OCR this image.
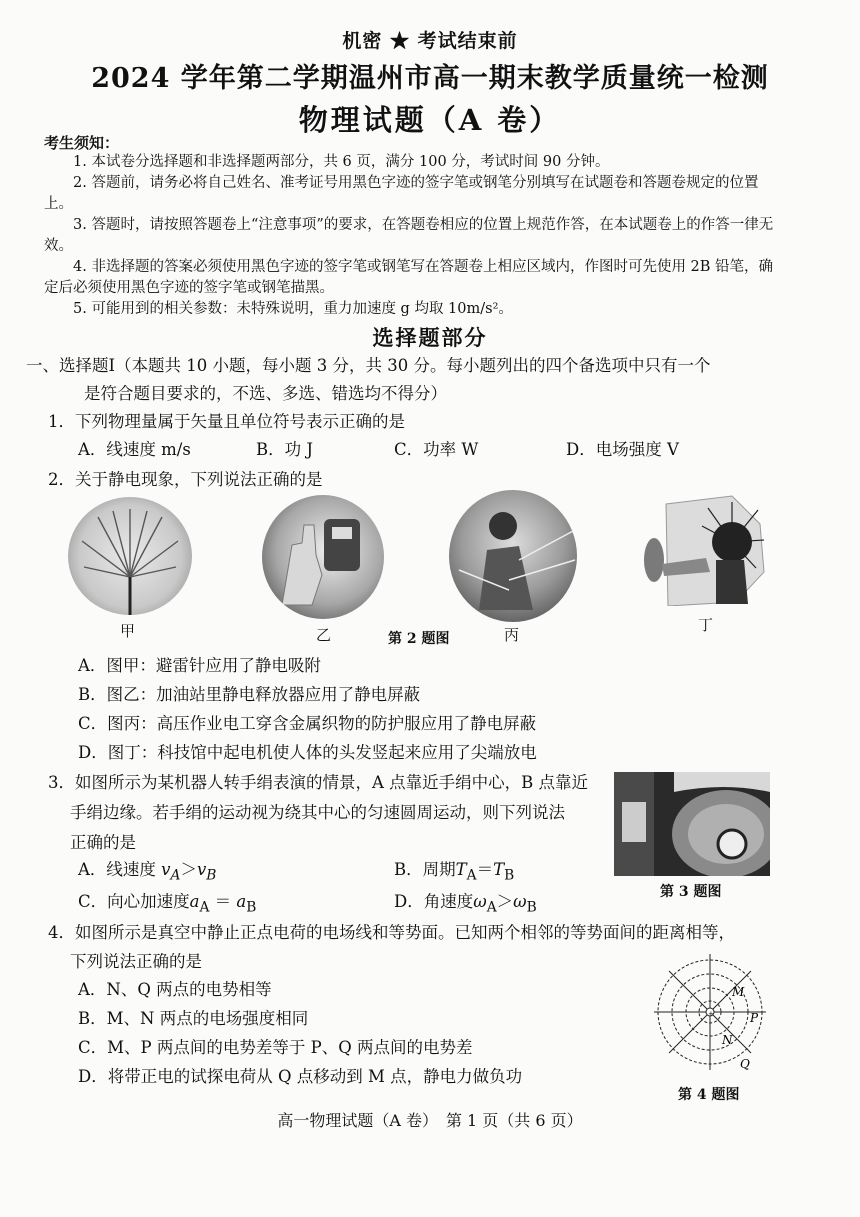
机密 ★ 考试结束前
2024 学年第二学期温州市高一期末教学质量统一检测
物理试题（A 卷）
考生须知：

1. 本试卷分选择题和非选择题两部分，共 6 页，满分 100 分，考试时间 90 分钟。

2. 答题前，请务必将自己姓名、准考证号用黑色字迹的签字笔或钢笔分别填写在试题卷和答题卷规定的位置上。

3. 答题时，请按照答题卷上“注意事项”的要求，在答题卷相应的位置上规范作答，在本试题卷上的作答一律无效。

4. 非选择题的答案必须使用黑色字迹的签字笔或钢笔写在答题卷上相应区域内，作图时可先使用 2B 铅笔，确定后必须使用黑色字迹的签字笔或钢笔描黑。

5. 可能用到的相关参数：未特殊说明，重力加速度 g 均取 10m/s²。

选择题部分

一、选择题Ⅰ（本题共 10 小题，每小题 3 分，共 30 分。每小题列出的四个备选项中只有一个

是符合题目要求的，不选、多选、错选均不得分）

1．下列物理量属于矢量且单位符号表示正确的是
A．线速度 m/s	B．功 J	C．功率 W	D．电场强度 V
2．关于静电现象，下列说法正确的是
甲	乙	第 2 题图	丙
丁

A．图甲：避雷针应用了静电吸附

B．图乙：加油站里静电释放器应用了静电屏蔽

C．图丙：高压作业电工穿含金属织物的防护服应用了静电屏蔽

D．图丁：科技馆中起电机使人体的头发竖起来应用了尖端放电

3．如图所示为某机器人转手绢表演的情景，A 点靠近手绢中心，B 点靠近

手绢边缘。若手绢的运动视为绕其中心的匀速圆周运动，则下列说法

正确的是

第 3 题图
A．线速度 $v_A>v_B$	B．周期$T_A=T_B$
C．向心加速度$a_A = a_B$	D．角速度$\omega_A>\omega_B$

4．如图所示是真空中静止正点电荷的电场线和等势面。已知两个相邻的等势面间的距离相等，

下列说法正确的是

A．N、Q 两点的电势相等

B．M、N 两点的电场强度相同

C．M、P 两点间的电势差等于 P、Q 两点间的电势差

D．将带正电的试探电荷从 Q 点移动到 M 点，静电力做负功

+
M
P
N
Q
第 4 题图
高一物理试题（A 卷）　第 1 页（共 6 页）
